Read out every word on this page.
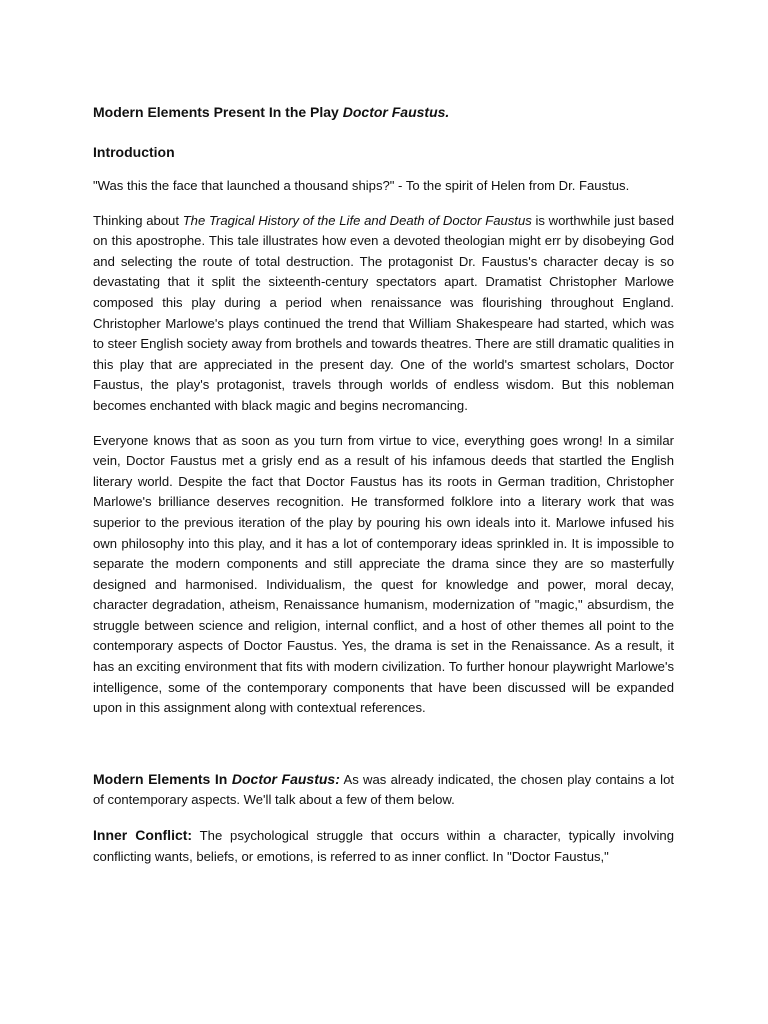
Modern Elements Present In the Play Doctor Faustus.
Introduction

"Was this the face that launched a thousand ships?" - To the spirit of Helen from Dr. Faustus.

Thinking about The Tragical History of the Life and Death of Doctor Faustus is worthwhile just based on this apostrophe. This tale illustrates how even a devoted theologian might err by disobeying God and selecting the route of total destruction. The protagonist Dr. Faustus's character decay is so devastating that it split the sixteenth-century spectators apart. Dramatist Christopher Marlowe composed this play during a period when renaissance was flourishing throughout England. Christopher Marlowe's plays continued the trend that William Shakespeare had started, which was to steer English society away from brothels and towards theatres. There are still dramatic qualities in this play that are appreciated in the present day. One of the world's smartest scholars, Doctor Faustus, the play's protagonist, travels through worlds of endless wisdom. But this nobleman becomes enchanted with black magic and begins necromancing.

Everyone knows that as soon as you turn from virtue to vice, everything goes wrong! In a similar vein, Doctor Faustus met a grisly end as a result of his infamous deeds that startled the English literary world. Despite the fact that Doctor Faustus has its roots in German tradition, Christopher Marlowe's brilliance deserves recognition. He transformed folklore into a literary work that was superior to the previous iteration of the play by pouring his own ideals into it. Marlowe infused his own philosophy into this play, and it has a lot of contemporary ideas sprinkled in. It is impossible to separate the modern components and still appreciate the drama since they are so masterfully designed and harmonised. Individualism, the quest for knowledge and power, moral decay, character degradation, atheism, Renaissance humanism, modernization of "magic," absurdism, the struggle between science and religion, internal conflict, and a host of other themes all point to the contemporary aspects of Doctor Faustus. Yes, the drama is set in the Renaissance. As a result, it has an exciting environment that fits with modern civilization. To further honour playwright Marlowe's intelligence, some of the contemporary components that have been discussed will be expanded upon in this assignment along with contextual references.

Modern Elements In Doctor Faustus: As was already indicated, the chosen play contains a lot of contemporary aspects. We'll talk about a few of them below.

Inner Conflict: The psychological struggle that occurs within a character, typically involving conflicting wants, beliefs, or emotions, is referred to as inner conflict. In "Doctor Faustus,"
